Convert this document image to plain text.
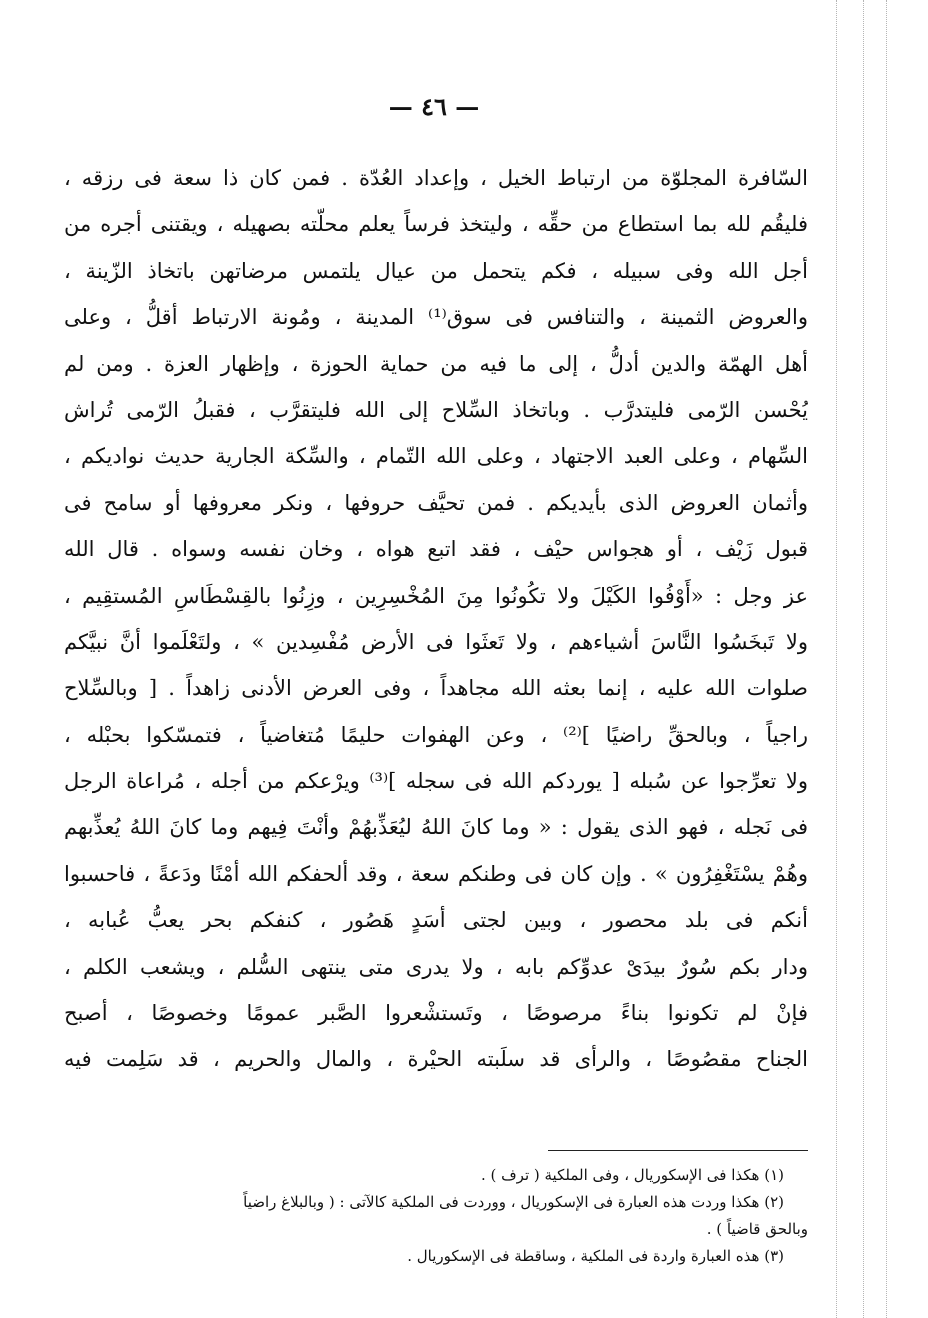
— ٤٦ —
السّافرة المجلوّة من ارتباط الخيل ، وإعداد العُدّة . فمن كان ذا سعة فى رزقه ،
فليقُم لله بما استطاع من حقِّه ، وليتخذ فرساً يعلم محلّته بصهيله ، ويقتنى أجره من
أجل الله وفى سبيله ، فكم يتحمل من عيال يلتمس مرضاتهن باتخاذ الزّينة ،
والعروض الثمينة ، والتنافس فى سوق⁽¹⁾ المدينة ، ومُونة الارتباط أقلُّ ، وعلى
أهل الهمّة والدين أدلُّ ، إلى ما فيه من حماية الحوزة ، وإظهار العزة . ومن لم
يُحْسن الرّمى فليتدرَّب . وباتخاذ السِّلاح إلى الله فليتقرَّب ، فقبلُ الرّمى تُراش
السِّهام ، وعلى العبد الاجتهاد ، وعلى الله التّمام ، والسِّكة الجارية حديث نواديكم ،
وأثمان العروض الذى بأيديكم . فمن تحيَّف حروفها ، ونكر معروفها أو سامح فى
قبول زَيْف ، أو هجواس حيْف ، فقد اتبع هواه ، وخان نفسه وسواه . قال الله
عز وجل : «أَوْفُوا الكَيْلَ ولا تكُونُوا مِنَ المُخْسِرِين ، وزِنُوا بالقِسْطَاسِ المُستقِيم ،
ولا تَبخَسُوا النَّاسَ أشياءهم ، ولا تَعثَوا فى الأرض مُفْسِدين » ، ولتَعْلَموا أنَّ نبيَّكم
صلوات الله عليه ، إنما بعثه الله مجاهداً ، وفى العرض الأدنى زاهداً . [ وبالسِّلاح
راجياً ، وبالحقِّ راضيًا ]⁽²⁾ ، وعن الهفوات حليمًا مُتغاضياً ، فتمسّكوا بحبْله ،
ولا تعرِّجوا عن سُبله [ يوردكم الله فى سجله ]⁽³⁾ ويرْعكم من أجله ، مُراعاة الرجل
فى نَجله ، فهو الذى يقول : « وما كانَ اللهُ ليُعَذِّبهُمْ وأنْتَ فِيهم وما كانَ اللهُ يُعذِّبهم
وهُمْ يسْتَغْفِرُون » . وإن كان فى وطنكم سعة ، وقد ألحفكم الله أمْنًا ودَعةً ، فاحسبوا
أنكم فى بلد محصور ، وبين لجتى أسَدٍ هَصُور ، كنفكم بحر يعبُّ عُبابه ،
ودار بكم سُورٌ بيدَىْ عدوِّكم بابه ، ولا يدرى متى ينتهى السُّلم ، ويشعب الكلم ،
فإنْ لم تكونوا بناءً مرصوصًا ، وتَستشْعروا الصَّبر عمومًا وخصوصًا ، أصبح
الجناح مقصُوصًا ، والرأى قد سلَبته الحيْرة ، والمال والحريم ، قد سَلِمت فيه
(١) هكذا فى الإسكوريال ، وفى الملكية ( ترف ) .
(٢) هكذا وردت هذه العبارة فى الإسكوريال ، ووردت فى الملكية كالآتى : ( وبالبلاغ راضياً
وبالحق قاضياً ) .
(٣) هذه العبارة واردة فى الملكية ، وساقطة فى الإسكوريال .
